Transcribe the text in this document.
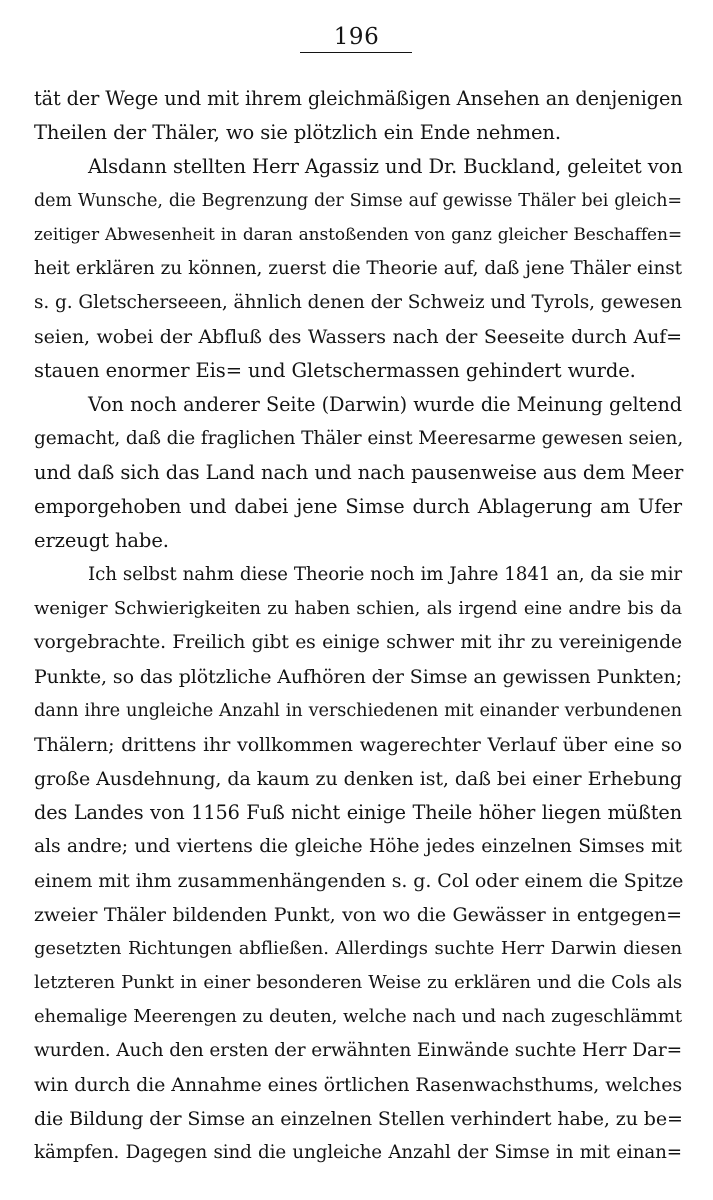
196
tät der Wege und mit ihrem gleichmäßigen Ansehen an denjenigen
Theilen der Thäler, wo sie plötzlich ein Ende nehmen.
Alsdann stellten Herr Agassiz und Dr. Buckland, geleitet von
dem Wunsche, die Begrenzung der Simse auf gewisse Thäler bei gleich=
zeitiger Abwesenheit in daran anstoßenden von ganz gleicher Beschaffen=
heit erklären zu können, zuerst die Theorie auf, daß jene Thäler einst
s. g. Gletscherseeen, ähnlich denen der Schweiz und Tyrols, gewesen
seien, wobei der Abfluß des Wassers nach der Seeseite durch Auf=
stauen enormer Eis= und Gletschermassen gehindert wurde.
Von noch anderer Seite (Darwin) wurde die Meinung geltend
gemacht, daß die fraglichen Thäler einst Meeresarme gewesen seien,
und daß sich das Land nach und nach pausenweise aus dem Meer
emporgehoben und dabei jene Simse durch Ablagerung am Ufer
erzeugt habe.
Ich selbst nahm diese Theorie noch im Jahre 1841 an, da sie mir
weniger Schwierigkeiten zu haben schien, als irgend eine andre bis da
vorgebrachte. Freilich gibt es einige schwer mit ihr zu vereinigende
Punkte, so das plötzliche Aufhören der Simse an gewissen Punkten;
dann ihre ungleiche Anzahl in verschiedenen mit einander verbundenen
Thälern; drittens ihr vollkommen wagerechter Verlauf über eine so
große Ausdehnung, da kaum zu denken ist, daß bei einer Erhebung
des Landes von 1156 Fuß nicht einige Theile höher liegen müßten
als andre; und viertens die gleiche Höhe jedes einzelnen Simses mit
einem mit ihm zusammenhängenden s. g. Col oder einem die Spitze
zweier Thäler bildenden Punkt, von wo die Gewässer in entgegen=
gesetzten Richtungen abfließen. Allerdings suchte Herr Darwin diesen
letzteren Punkt in einer besonderen Weise zu erklären und die Cols als
ehemalige Meerengen zu deuten, welche nach und nach zugeschlämmt
wurden. Auch den ersten der erwähnten Einwände suchte Herr Dar=
win durch die Annahme eines örtlichen Rasenwachsthums, welches
die Bildung der Simse an einzelnen Stellen verhindert habe, zu be=
kämpfen. Dagegen sind die ungleiche Anzahl der Simse in mit einan=
